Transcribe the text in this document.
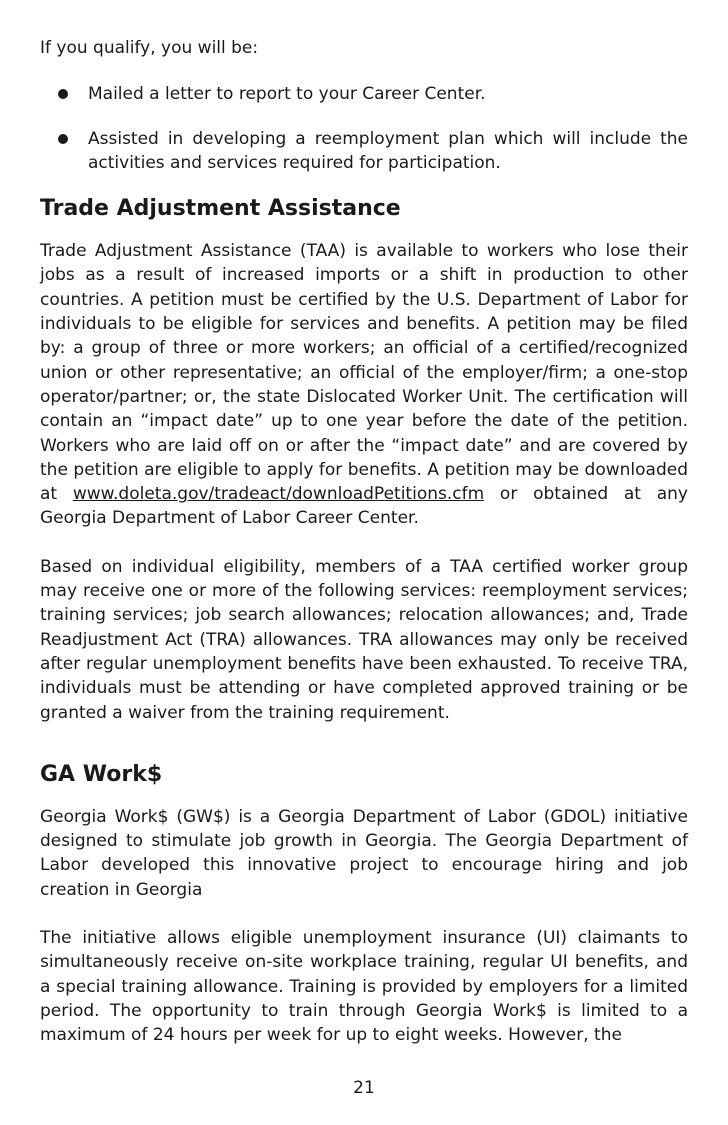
If you qualify, you will be:

Mailed a letter to report to your Career Center.
Assisted in developing a reemployment plan which will include the activities and services required for participation.
Trade Adjustment Assistance

Trade Adjustment Assistance (TAA) is available to workers who lose their jobs as a result of increased imports or a shift in production to other countries. A petition must be certified by the U.S. Department of Labor for individuals to be eligible for services and benefits. A petition may be filed by: a group of three or more workers; an official of a certified/recognized union or other representative; an official of the employer/firm; a one-stop operator/partner; or, the state Dislocated Worker Unit. The certification will contain an “impact date” up to one year before the date of the petition. Workers who are laid off on or after the “impact date” and are covered by the petition are eligible to apply for benefits. A petition may be downloaded at www.doleta.gov/tradeact/downloadPetitions.cfm or obtained at any Georgia Department of Labor Career Center.

Based on individual eligibility, members of a TAA certified worker group may receive one or more of the following services: reemployment services; training services; job search allowances; relocation allowances; and, Trade Readjustment Act (TRA) allowances. TRA allowances may only be received after regular unemployment benefits have been exhausted. To receive TRA, individuals must be attending or have completed approved training or be granted a waiver from the training requirement.

GA Work$

Georgia Work$ (GW$) is a Georgia Department of Labor (GDOL) initiative designed to stimulate job growth in Georgia. The Georgia Department of Labor developed this innovative project to encourage hiring and job creation in Georgia

The initiative allows eligible unemployment insurance (UI) claimants to simultaneously receive on-site workplace training, regular UI benefits, and a special training allowance. Training is provided by employers for a limited period. The opportunity to train through Georgia Work$ is limited to a maximum of 24 hours per week for up to eight weeks. However, the

21
